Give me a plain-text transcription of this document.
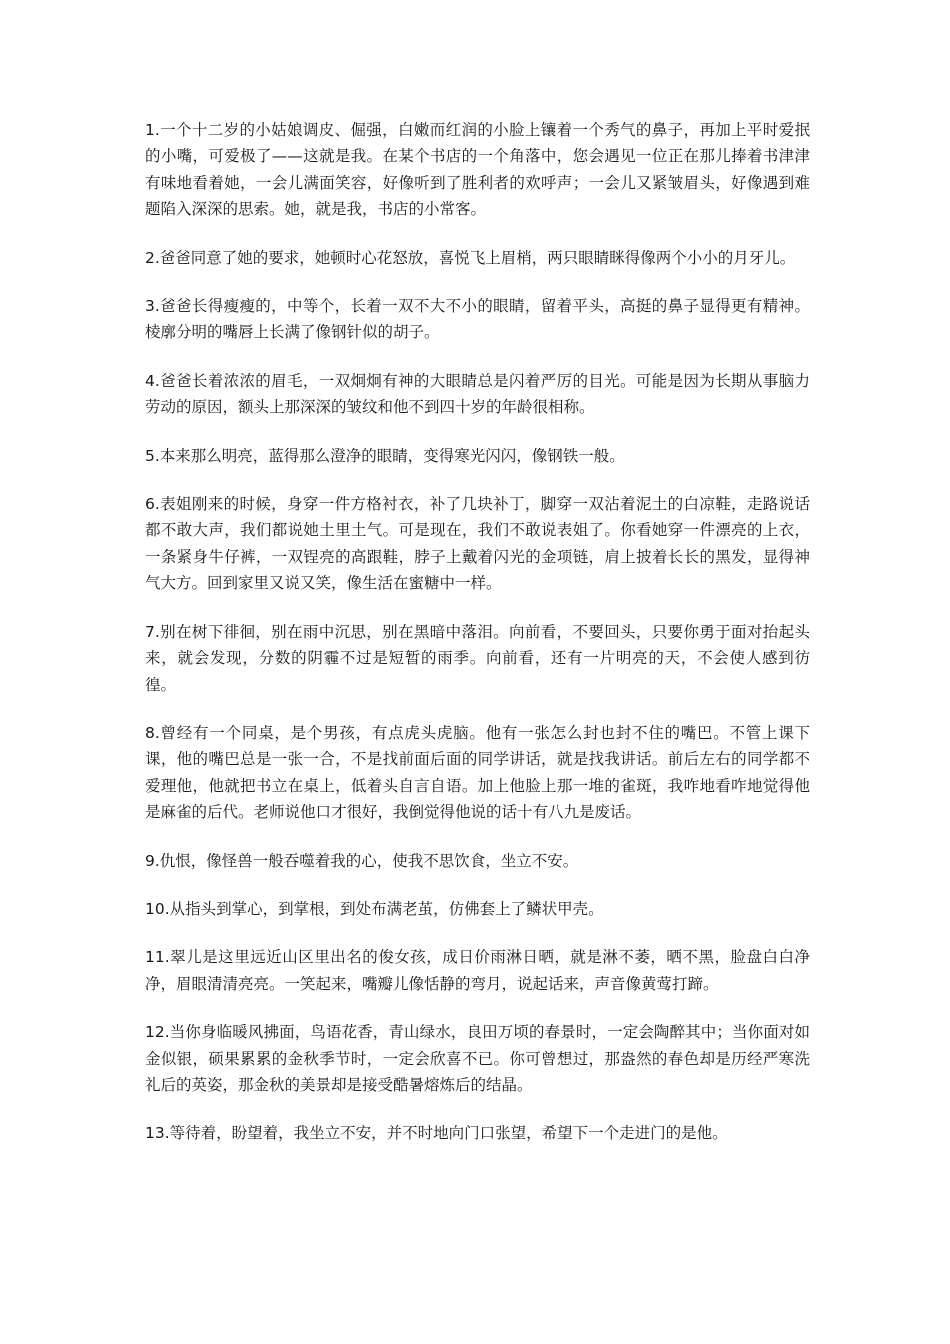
1.一个十二岁的小姑娘调皮、倔强，白嫩而红润的小脸上镶着一个秀气的鼻子，再加上平时爱抿的小嘴，可爱极了——这就是我。在某个书店的一个角落中，您会遇见一位正在那儿捧着书津津有味地看着她，一会儿满面笑容，好像听到了胜利者的欢呼声；一会儿又紧皱眉头，好像遇到难题陷入深深的思索。她，就是我，书店的小常客。

2.爸爸同意了她的要求，她顿时心花怒放，喜悦飞上眉梢，两只眼睛眯得像两个小小的月牙儿。

3.爸爸长得瘦瘦的，中等个，长着一双不大不小的眼睛，留着平头，高挺的鼻子显得更有精神。棱廓分明的嘴唇上长满了像钢针似的胡子。

4.爸爸长着浓浓的眉毛，一双炯炯有神的大眼睛总是闪着严厉的目光。可能是因为长期从事脑力劳动的原因，额头上那深深的皱纹和他不到四十岁的年龄很相称。

5.本来那么明亮，蓝得那么澄净的眼睛，变得寒光闪闪，像钢铁一般。

6.表姐刚来的时候，身穿一件方格衬衣，补了几块补丁，脚穿一双沾着泥土的白凉鞋，走路说话都不敢大声，我们都说她土里土气。可是现在，我们不敢说表姐了。你看她穿一件漂亮的上衣，一条紧身牛仔裤，一双锃亮的高跟鞋，脖子上戴着闪光的金项链，肩上披着长长的黑发，显得神气大方。回到家里又说又笑，像生活在蜜糖中一样。

7.别在树下徘徊，别在雨中沉思，别在黑暗中落泪。向前看，不要回头，只要你勇于面对抬起头来，就会发现，分数的阴霾不过是短暂的雨季。向前看，还有一片明亮的天，不会使人感到彷徨。

8.曾经有一个同桌，是个男孩，有点虎头虎脑。他有一张怎么封也封不住的嘴巴。不管上课下课，他的嘴巴总是一张一合，不是找前面后面的同学讲话，就是找我讲话。前后左右的同学都不爱理他，他就把书立在桌上，低着头自言自语。加上他脸上那一堆的雀斑，我咋地看咋地觉得他是麻雀的后代。老师说他口才很好，我倒觉得他说的话十有八九是废话。

9.仇恨，像怪兽一般吞噬着我的心，使我不思饮食，坐立不安。

10.从指头到掌心，到掌根，到处布满老茧，仿佛套上了鳞状甲壳。

11.翠儿是这里远近山区里出名的俊女孩，成日价雨淋日晒，就是淋不萎，晒不黑，脸盘白白净净，眉眼清清亮亮。一笑起来，嘴瓣儿像恬静的弯月，说起话来，声音像黄莺打蹄。

12.当你身临暖风拂面，鸟语花香，青山绿水，良田万顷的春景时，一定会陶醉其中；当你面对如金似银，硕果累累的金秋季节时，一定会欣喜不已。你可曾想过，那盎然的春色却是历经严寒洗礼后的英姿，那金秋的美景却是接受酷暑熔炼后的结晶。

13.等待着，盼望着，我坐立不安，并不时地向门口张望，希望下一个走进门的是他。
